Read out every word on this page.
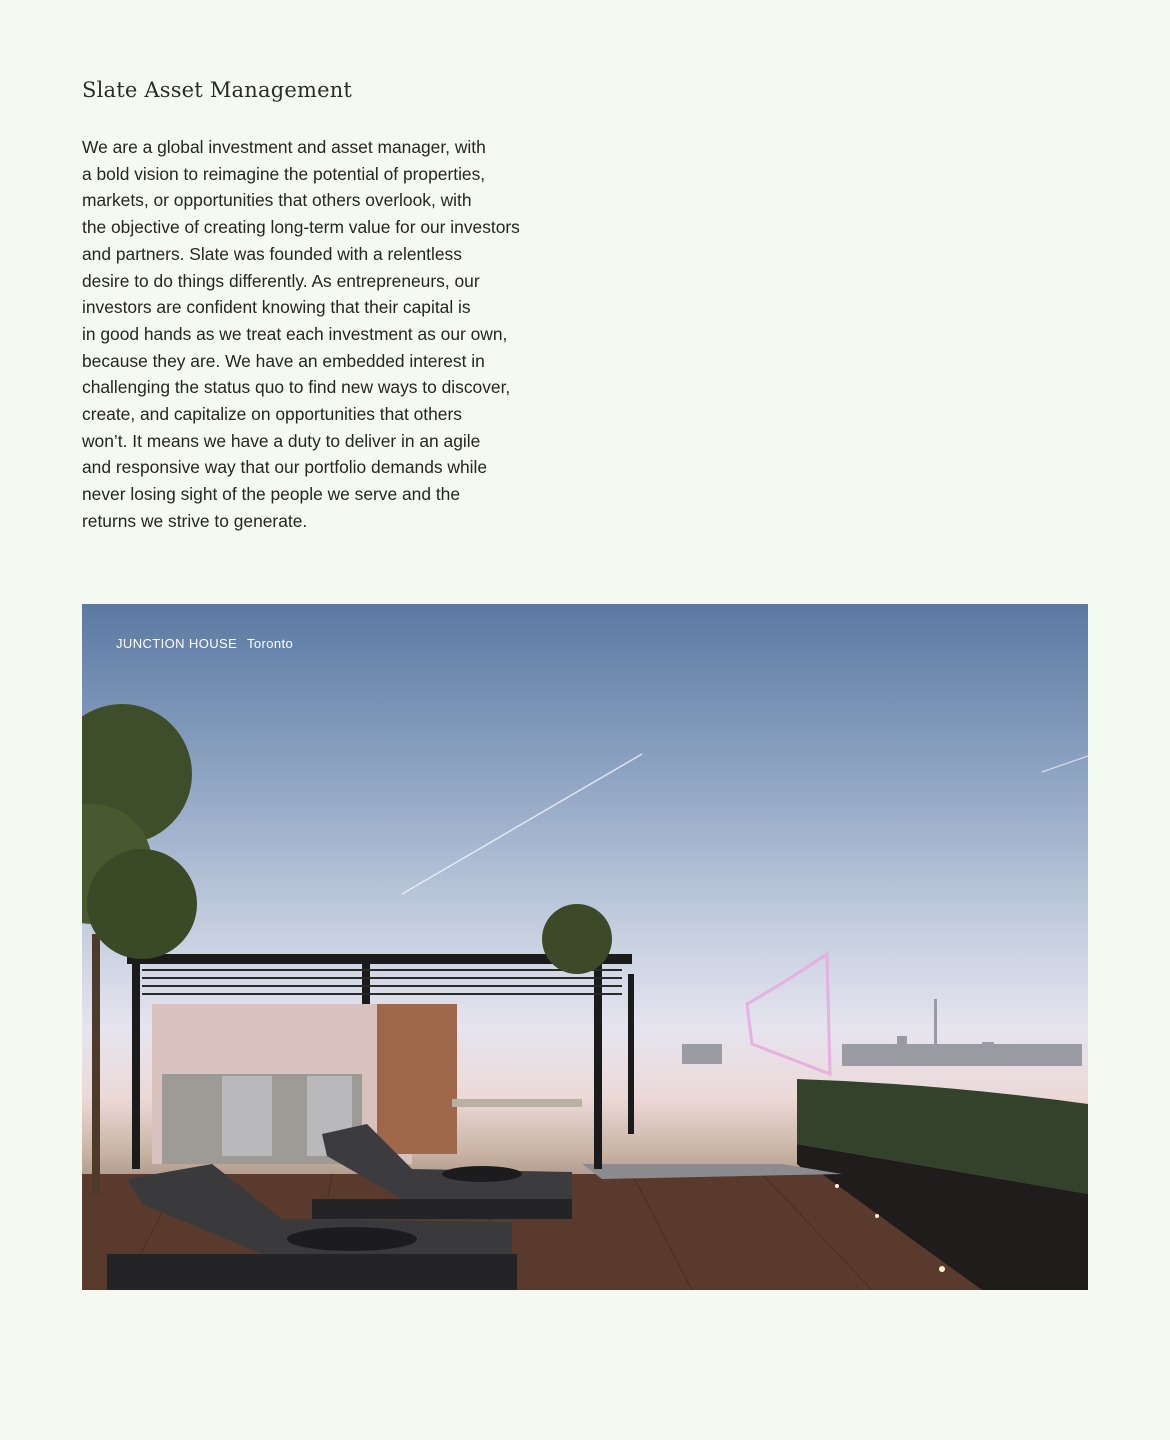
Slate Asset Management
We are a global investment and asset manager, with
a bold vision to reimagine the potential of properties,
markets, or opportunities that others overlook, with
the objective of creating long-term value for our investors
and partners. Slate was founded with a relentless
desire to do things differently. As entrepreneurs, our
investors are confident knowing that their capital is
in good hands as we treat each investment as our own,
because they are. We have an embedded interest in
challenging the status quo to find new ways to discover,
create, and capitalize on opportunities that others
won’t. It means we have a duty to deliver in an agile
and responsive way that our portfolio demands while
never losing sight of the people we serve and the
returns we strive to generate.
JUNCTION HOUSE Toronto
